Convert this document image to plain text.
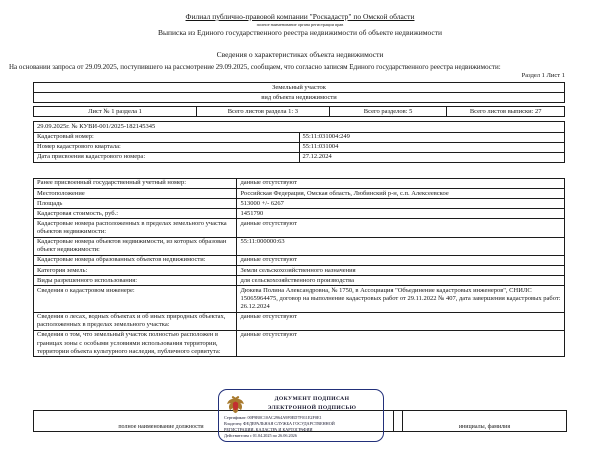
Филиал публично-правовой компании "Роскадастр" по Омской области
полное наименование органа регистрации прав
Выписка из Единого государственного реестра недвижимости об объекте недвижимости
Сведения о характеристиках объекта недвижимости
На основании запроса от 29.09.2025, поступившего на рассмотрение 29.09.2025, сообщаем, что согласно записям Единого государственного реестра недвижимости:
Раздел 1 Лист 1
Земельный участок
вид объекта недвижимости
Лист № 1 раздела 1	Всего листов раздела 1: 3	Всего разделов: 5	Всего листов выписки: 27
29.09.2025г. № КУВИ-001/2025-182145345	
Кадастровый номер:	55:11:031004:249
Номер кадастрового квартала:	55:11:031004
Дата присвоения кадастрового номера:	27.12.2024
Ранее присвоенный государственный учетный номер:	данные отсутствуют
Местоположение	Российская Федерация, Омская область, Любинский р-н, с.п. Алексеевское
Площадь	513000 +/- 6267
Кадастровая стоимость, руб.:	1451790
Кадастровые номера расположенных в пределах земельного участка объектов недвижимости:	данные отсутствуют
Кадастровые номера объектов недвижимости, из которых образован объект недвижимости:	55:11:000000:63
Кадастровые номера образованных объектов недвижимости:	данные отсутствуют
Категория земель:	Земли сельскохозяйственного назначения
Виды разрешенного использования:	для сельскохозяйственного производства
Сведения о кадастровом инженере:	Дюкева Полина Александровна, № 1750, в Ассоциация "Объединение кадастровых инженеров", СНИЛС 15065964475, договор на выполнение кадастровых работ от 29.11.2022 № 407, дата завершения кадастровых работ: 26.12.2024
Сведения о лесах, водных объектах и об иных природных объектах, расположенных в пределах земельного участка:	данные отсутствуют
Сведения о том, что земельный участок полностью расположен в границах зоны с особыми условиями использования территории, территории объекта культурного наследия, публичного сервитута:	данные отсутствуют
полное наименование должности	инициалы, фамилия
ДОКУМЕНТ ПОДПИСАН
ЭЛЕКТРОННОЙ ПОДПИСЬЮ
Сертификат: 00F9B0C10AC2964A9F0ED7F011E2F0E1
Владелец: ФЕДЕРАЛЬНАЯ СЛУЖБА ГОСУДАРСТВЕННОЙ
РЕГИСТРАЦИИ, КАДАСТРА И КАРТОГРАФИИ
Действителен с 01.04.2025 по 26.06.2026
